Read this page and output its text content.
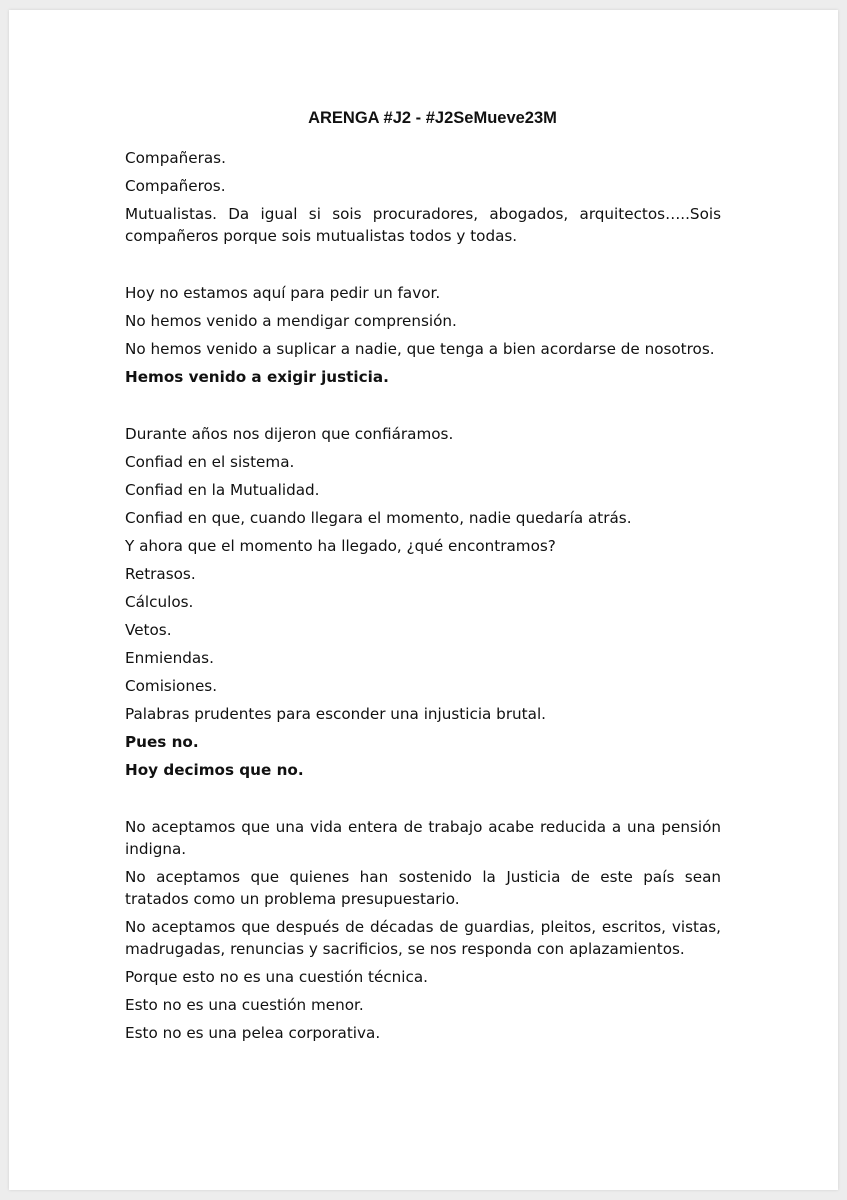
ARENGA #J2 - #J2SeMueve23M

Compañeras.

Compañeros.

Mutualistas. Da igual si sois procuradores, abogados, arquitectos…..Sois compañeros porque sois mutualistas todos y todas.

Hoy no estamos aquí para pedir un favor.

No hemos venido a mendigar comprensión.

No hemos venido a suplicar a nadie, que tenga a bien acordarse de nosotros.

Hemos venido a exigir justicia.

Durante años nos dijeron que confiáramos.

Confiad en el sistema.

Confiad en la Mutualidad.

Confiad en que, cuando llegara el momento, nadie quedaría atrás.

Y ahora que el momento ha llegado, ¿qué encontramos?

Retrasos.

Cálculos.

Vetos.

Enmiendas.

Comisiones.

Palabras prudentes para esconder una injusticia brutal.

Pues no.

Hoy decimos que no.

No aceptamos que una vida entera de trabajo acabe reducida a una pensión indigna.

No aceptamos que quienes han sostenido la Justicia de este país sean tratados como un problema presupuestario.

No aceptamos que después de décadas de guardias, pleitos, escritos, vistas, madrugadas, renuncias y sacrificios, se nos responda con aplazamientos.

Porque esto no es una cuestión técnica.

Esto no es una cuestión menor.

Esto no es una pelea corporativa.
